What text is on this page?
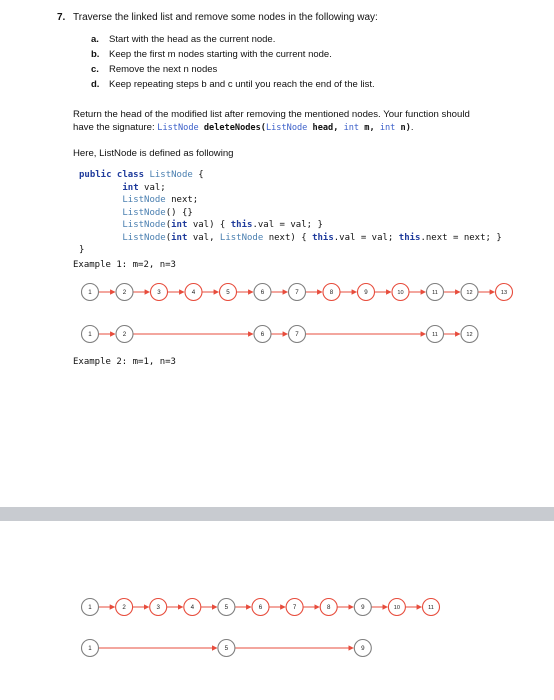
7. Traverse the linked list and remove some nodes in the following way:
a. Start with the head as the current node.
b. Keep the first m nodes starting with the current node.
c. Remove the next n nodes
d. Keep repeating steps b and c until you reach the end of the list.
Return the head of the modified list after removing the mentioned nodes. Your function should
have the signature: ListNode deleteNodes(ListNode head, int m, int n).
Here, ListNode is defined as following
public class ListNode {
int val;
ListNode next;
ListNode() {}
ListNode(int val) { this.val = val; }
ListNode(int val, ListNode next) { this.val = val; this.next = next; }
}
Example 1: m=2, n=3
Example 2: m=1, n=3
1	2	3	4	5	6	7	8	9	10	11	12	13
1	2	6	7	11	12
1	2	3	4	5	6	7	8	9	10	11
1	5	9
